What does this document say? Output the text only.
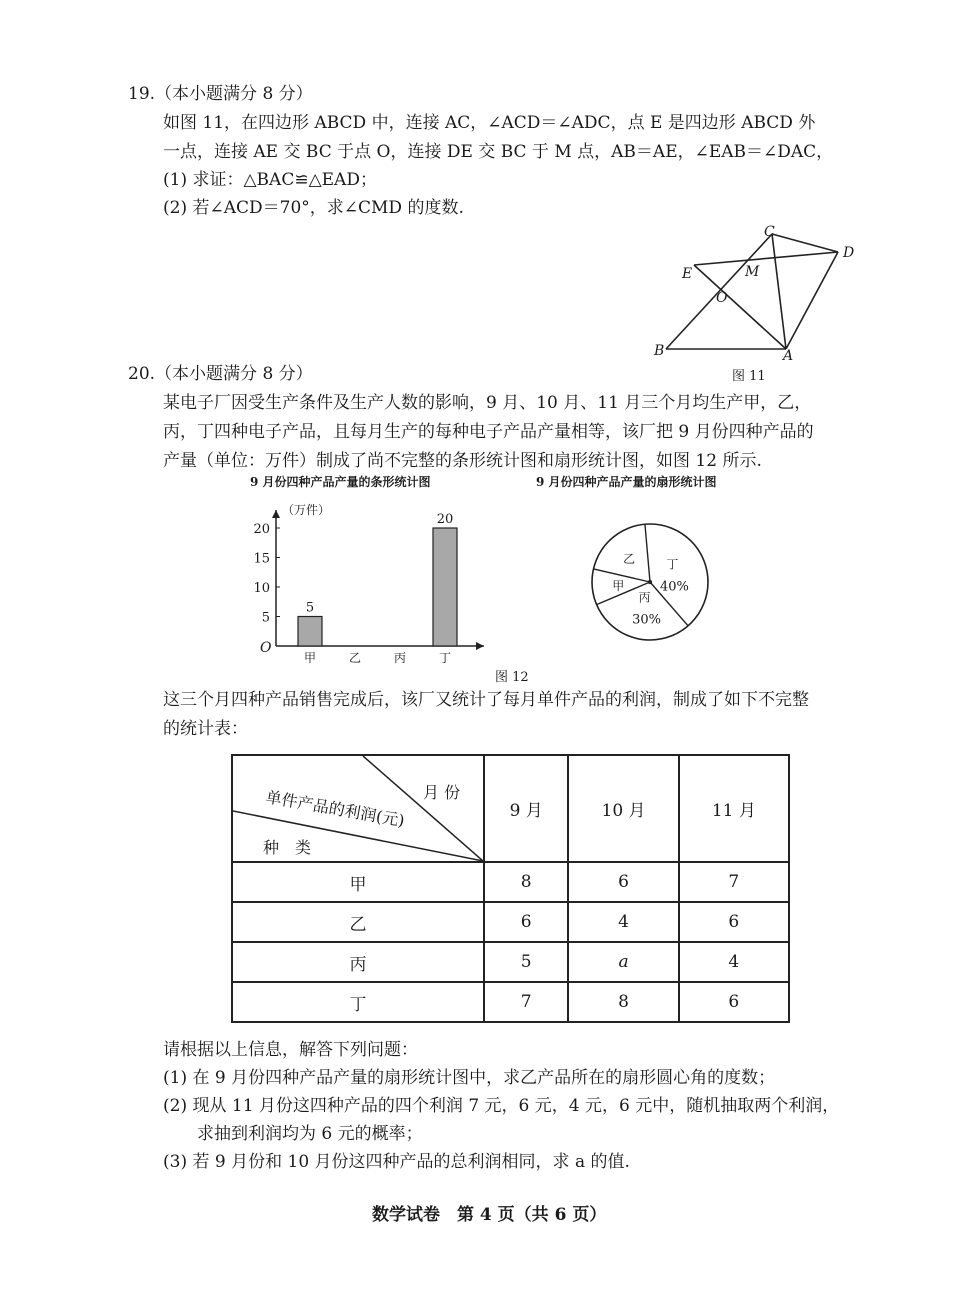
19.（本小题满分 8 分）
如图 11，在四边形 ABCD 中，连接 AC，∠ACD＝∠ADC，点 E 是四边形 ABCD 外
一点，连接 AE 交 BC 于点 O，连接 DE 交 BC 于 M 点，AB＝AE，∠EAB＝∠DAC，
(1) 求证：△BAC≌△EAD；
(2) 若∠ACD＝70°，求∠CMD 的度数.
C
D
E	M
O
B	A
图 11
20.（本小题满分 8 分）
某电子厂因受生产条件及生产人数的影响，9 月、10 月、11 月三个月均生产甲，乙，
丙，丁四种电子产品，且每月生产的每种电子产品产量相等，该厂把 9 月份四种产品的
产量（单位：万件）制成了尚不完整的条形统计图和扇形统计图，如图 12 所示.
9 月份四种产品产量的条形统计图
（万件）
O
5
10
15
20
甲	乙	丙	丁
5
20
9 月份四种产品产量的扇形统计图
丁
40%
丙
30%
甲
乙
图 12
这三个月四种产品销售完成后，该厂又统计了每月单件产品的利润，制成了如下不完整
的统计表：
月 份
单件产品的利润(元)
种　类	9 月	10 月	11 月
甲	8	6	7
乙	6	4	6
丙	5	a	4
丁	7	8	6
请根据以上信息，解答下列问题：
(1) 在 9 月份四种产品产量的扇形统计图中，求乙产品所在的扇形圆心角的度数；
(2) 现从 11 月份这四种产品的四个利润 7 元，6 元，4 元，6 元中，随机抽取两个利润，
求抽到利润均为 6 元的概率；
(3) 若 9 月份和 10 月份这四种产品的总利润相同，求 a 的值.
数学试卷　第 4 页（共 6 页）
